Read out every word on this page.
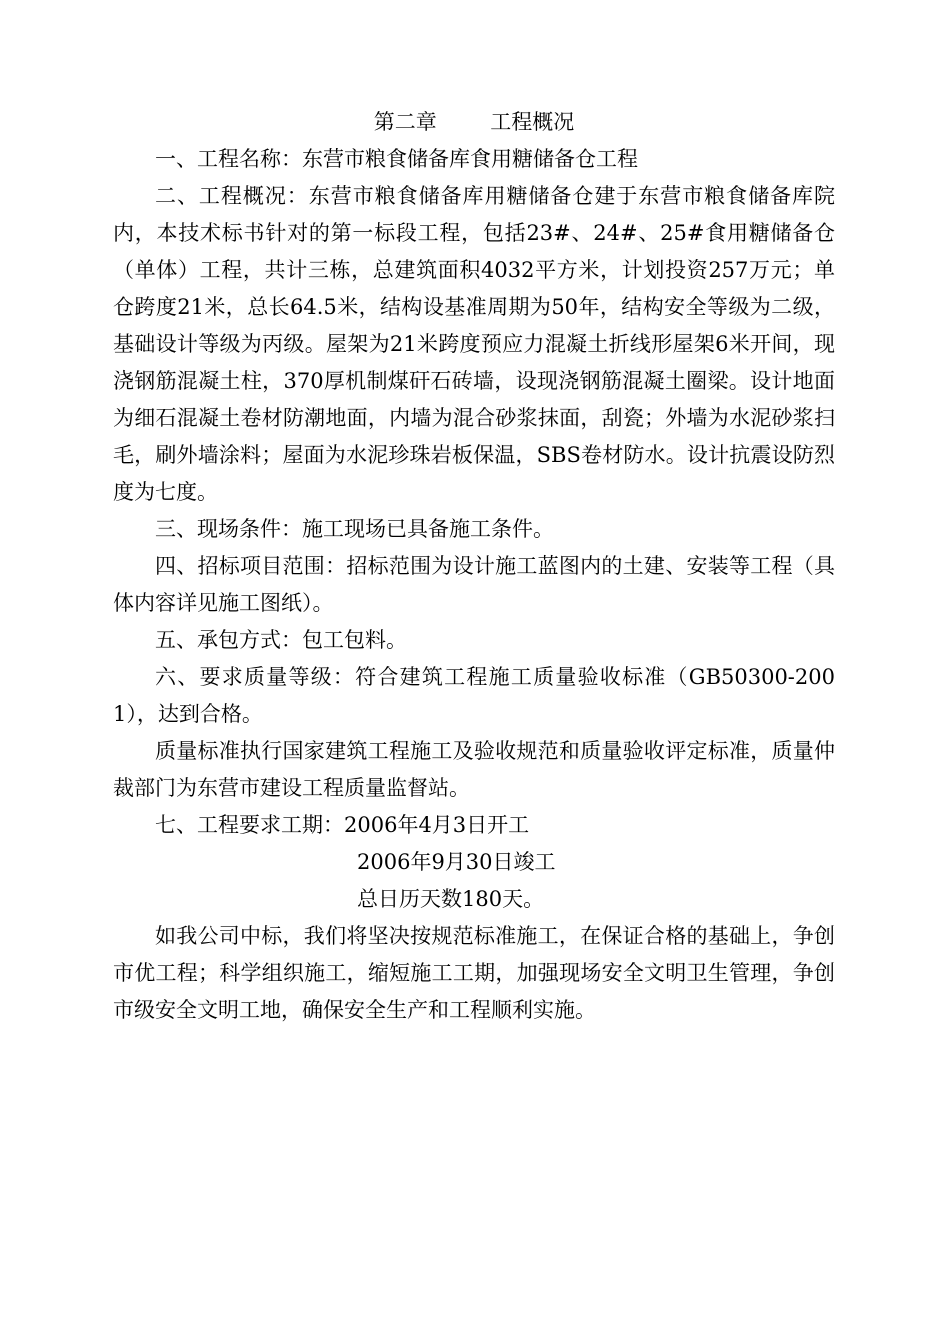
第二章        工程概况

一、工程名称：东营市粮食储备库食用糖储备仓工程

二、工程概况：东营市粮食储备库用糖储备仓建于东营市粮食储备库院内，本技术标书针对的第一标段工程，包括23#、24#、25#食用糖储备仓（单体）工程，共计三栋，总建筑面积4032平方米，计划投资257万元；单仓跨度21米，总长64.5米，结构设基准周期为50年，结构安全等级为二级，基础设计等级为丙级。屋架为21米跨度预应力混凝土折线形屋架6米开间，现浇钢筋混凝土柱，370厚机制煤矸石砖墙，设现浇钢筋混凝土圈梁。设计地面为细石混凝土卷材防潮地面，内墙为混合砂浆抹面，刮瓷；外墙为水泥砂浆扫毛，刷外墙涂料；屋面为水泥珍珠岩板保温，SBS卷材防水。设计抗震设防烈度为七度。

三、现场条件：施工现场已具备施工条件。

四、招标项目范围：招标范围为设计施工蓝图内的土建、安装等工程（具体内容详见施工图纸）。

五、承包方式：包工包料。

六、要求质量等级：符合建筑工程施工质量验收标准（GB50300-2001），达到合格。

质量标准执行国家建筑工程施工及验收规范和质量验收评定标准，质量仲裁部门为东营市建设工程质量监督站。

七、工程要求工期：2006年4月3日开工

2006年9月30日竣工

总日历天数180天。

如我公司中标，我们将坚决按规范标准施工，在保证合格的基础上，争创市优工程；科学组织施工，缩短施工工期，加强现场安全文明卫生管理，争创市级安全文明工地，确保安全生产和工程顺利实施。
